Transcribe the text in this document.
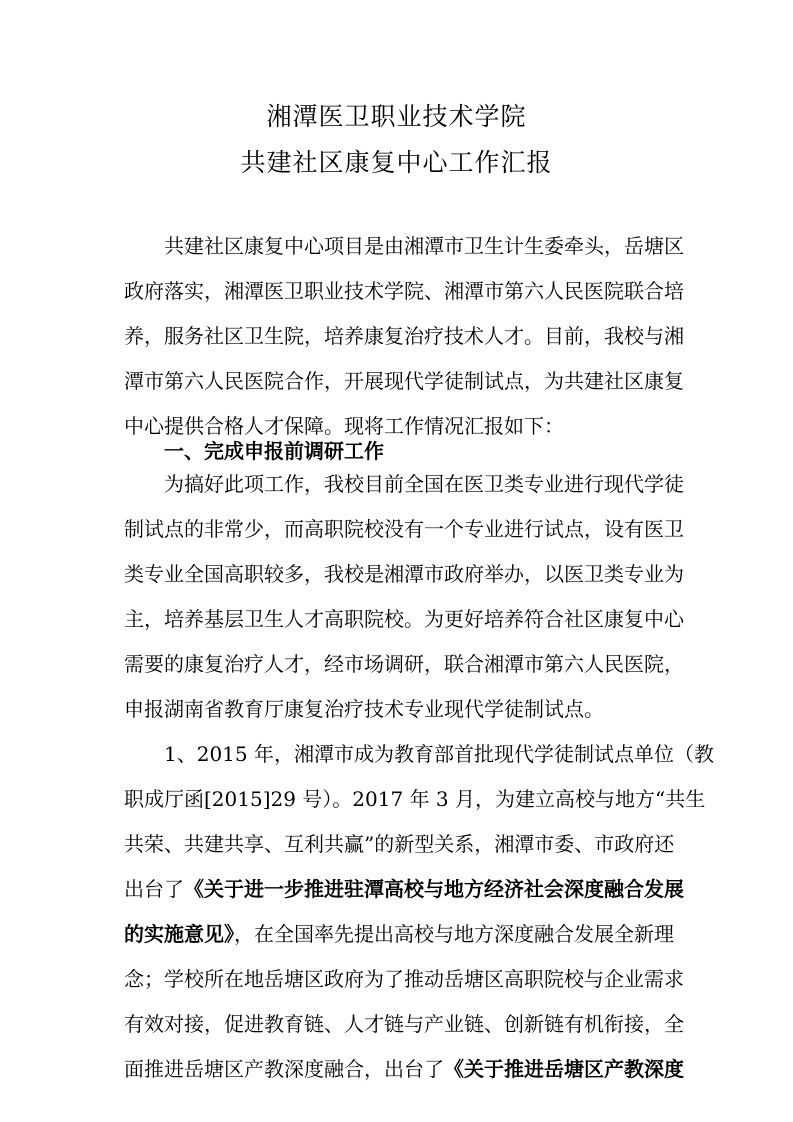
湘潭医卫职业技术学院
共建社区康复中心工作汇报
共建社区康复中心项目是由湘潭市卫生计生委牵头，岳塘区
政府落实，湘潭医卫职业技术学院、湘潭市第六人民医院联合培
养，服务社区卫生院，培养康复治疗技术人才。目前，我校与湘
潭市第六人民医院合作，开展现代学徒制试点，为共建社区康复
中心提供合格人才保障。现将工作情况汇报如下：
一、完成申报前调研工作
为搞好此项工作，我校目前全国在医卫类专业进行现代学徒
制试点的非常少，而高职院校没有一个专业进行试点，设有医卫
类专业全国高职较多，我校是湘潭市政府举办，以医卫类专业为
主，培养基层卫生人才高职院校。为更好培养符合社区康复中心
需要的康复治疗人才，经市场调研，联合湘潭市第六人民医院，
申报湖南省教育厅康复治疗技术专业现代学徒制试点。
1、2015 年，湘潭市成为教育部首批现代学徒制试点单位（教
职成厅函[2015]29 号）。2017 年 3 月，为建立高校与地方“共生
共荣、共建共享、互利共赢”的新型关系，湘潭市委、市政府还
出台了《关于进一步推进驻潭高校与地方经济社会深度融合发展
的实施意见》，在全国率先提出高校与地方深度融合发展全新理
念；学校所在地岳塘区政府为了推动岳塘区高职院校与企业需求
有效对接，促进教育链、人才链与产业链、创新链有机衔接，全
面推进岳塘区产教深度融合，出台了《关于推进岳塘区产教深度
